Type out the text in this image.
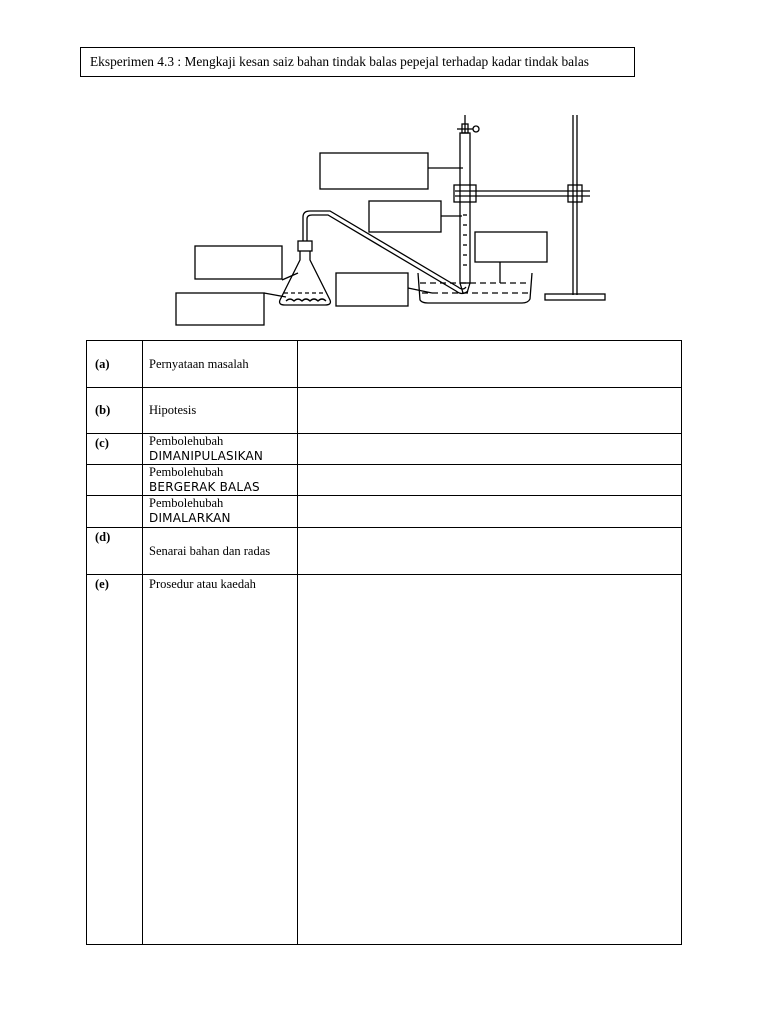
Eksperimen 4.3 : Mengkaji kesan saiz bahan tindak balas pepejal terhadap kadar tindak balas
(a)	Pernyataan masalah	
(b)	Hipotesis	
(c)	Pembolehubah
DIMANIPULASIKAN	

	Pembolehubah
BERGERAK BALAS	

	Pembolehubah
DIMALARKAN	

(d)	Senarai bahan dan radas	
(e)	Prosedur atau kaedah	
